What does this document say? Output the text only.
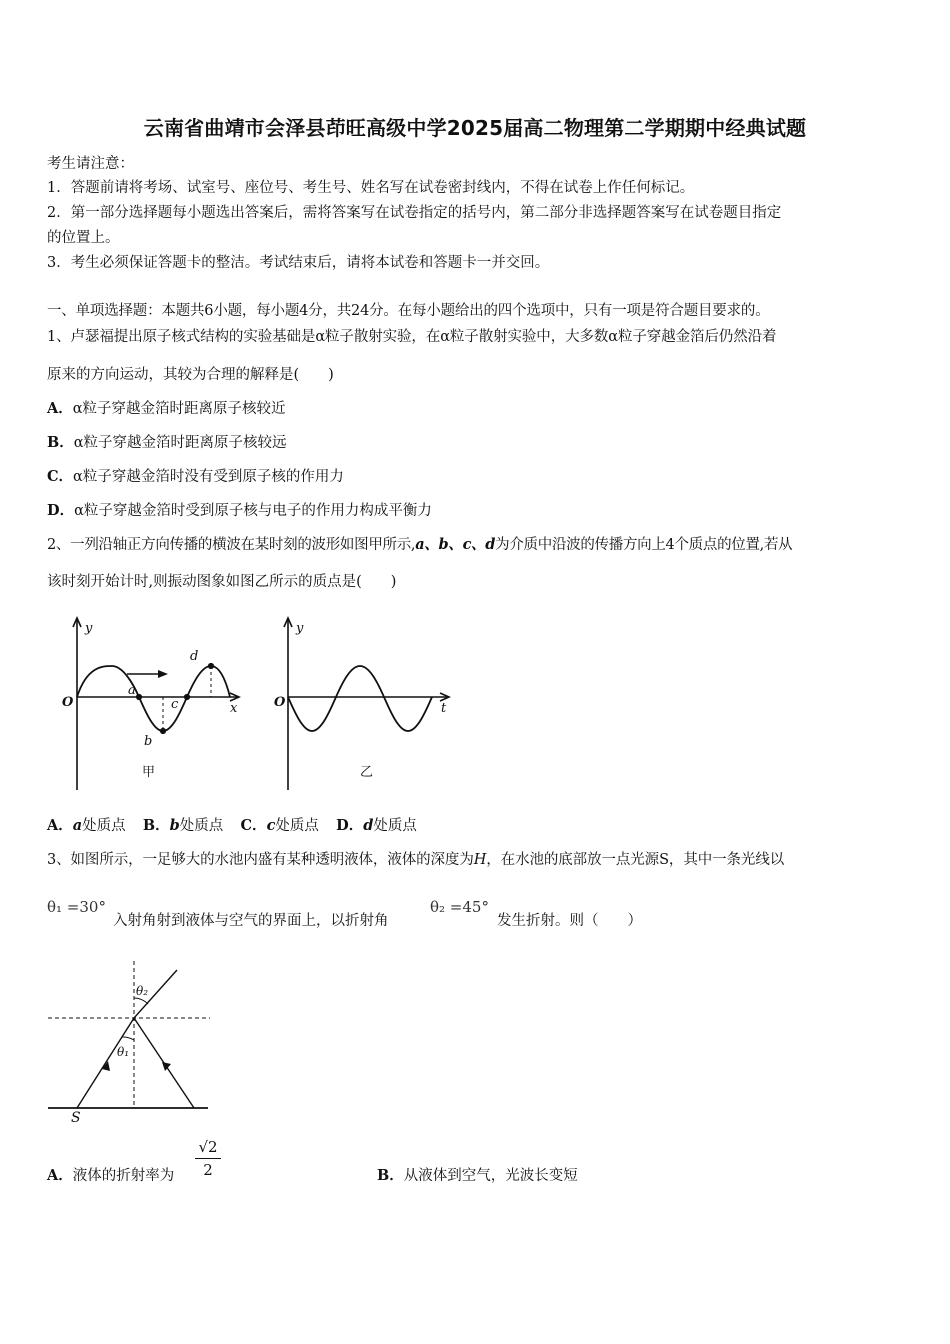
云南省曲靖市会泽县茚旺高级中学2025届高二物理第二学期期中经典试题
考生请注意：
1．答题前请将考场、试室号、座位号、考生号、姓名写在试卷密封线内，不得在试卷上作任何标记。
2．第一部分选择题每小题选出答案后，需将答案写在试卷指定的括号内，第二部分非选择题答案写在试卷题目指定
的位置上。
3．考生必须保证答题卡的整洁。考试结束后，请将本试卷和答题卡一并交回。
一、单项选择题：本题共6小题，每小题4分，共24分。在每小题给出的四个选项中，只有一项是符合题目要求的。
1、卢瑟福提出原子核式结构的实验基础是α粒子散射实验，在α粒子散射实验中，大多数α粒子穿越金箔后仍然沿着
原来的方向运动，其较为合理的解释是(　　)
A．α粒子穿越金箔时距离原子核较近
B．α粒子穿越金箔时距离原子核较远
C．α粒子穿越金箔时没有受到原子核的作用力
D．α粒子穿越金箔时受到原子核与电子的作用力构成平衡力
2、一列沿轴正方向传播的横波在某时刻的波形如图甲所示,a、b、c、d为介质中沿波的传播方向上4个质点的位置,若从
该时刻开始计时,则振动图象如图乙所示的质点是(　　)
y
O	x
a
b
c
d
甲
y
O	t
乙
A．a处质点 B．b处质点 C．c处质点 D．d处质点
3、如图所示，一足够大的水池内盛有某种透明液体，液体的深度为H，在水池的底部放一点光源S，其中一条光线以
θ₁ =30°
入射角射到液体与空气的界面上，以折射角
θ₂ =45°
发生折射。则（　　）
S
θ₁
θ₂
A．液体的折射率为 $\frac{√2}{2}$	B．从液体到空气，光波长变短
